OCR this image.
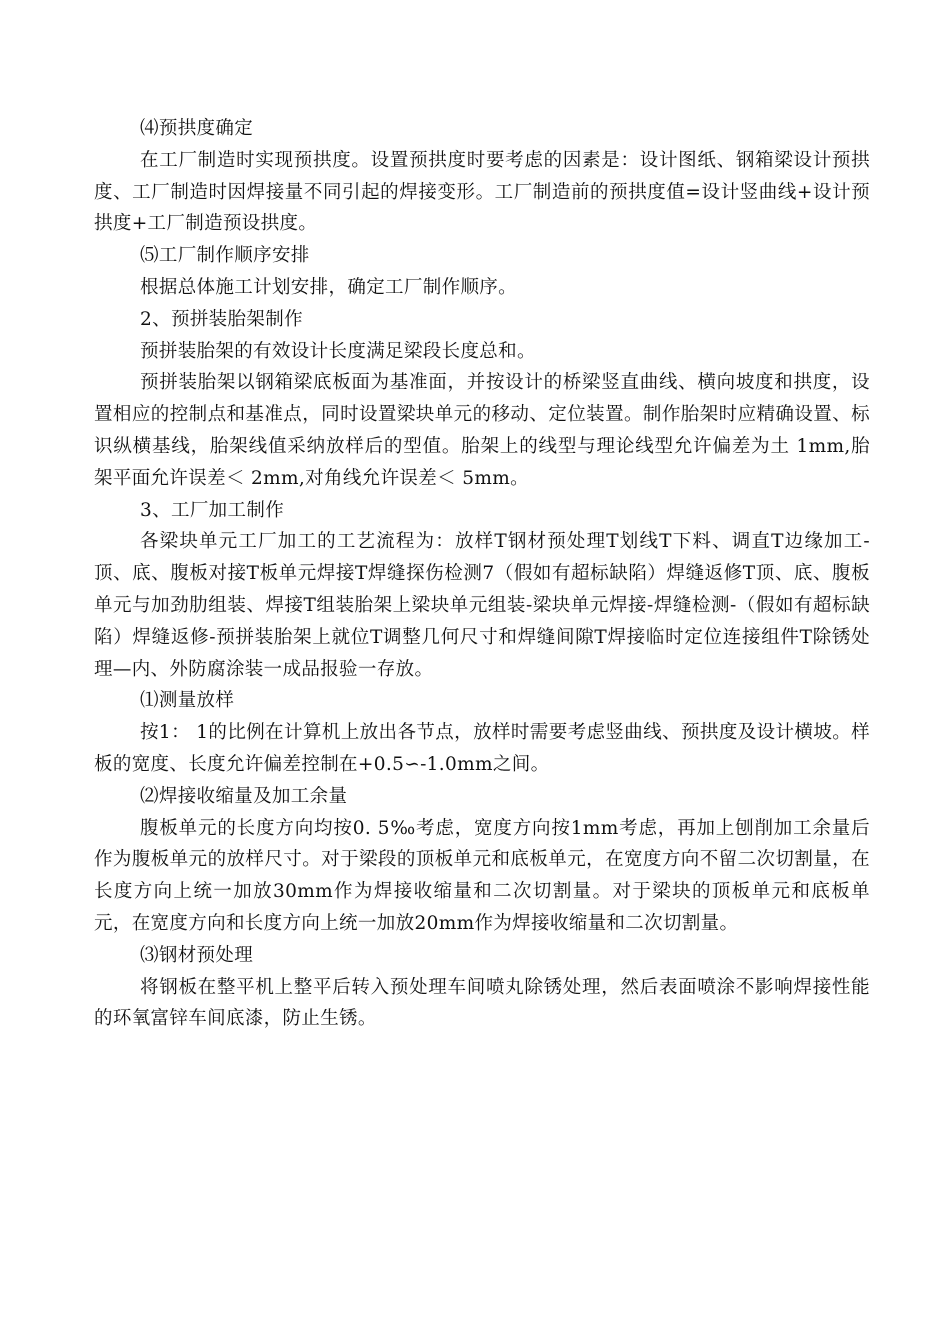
⑷预拱度确定

在工厂制造时实现预拱度。设置预拱度时要考虑的因素是：设计图纸、钢箱梁设计预拱度、工厂制造时因焊接量不同引起的焊接变形。工厂制造前的预拱度值=设计竖曲线+设计预拱度+工厂制造预设拱度。

⑸工厂制作顺序安排

根据总体施工计划安排，确定工厂制作顺序。

2、预拼装胎架制作

预拼装胎架的有效设计长度满足梁段长度总和。

预拼装胎架以钢箱梁底板面为基准面，并按设计的桥梁竖直曲线、横向坡度和拱度，设置相应的控制点和基准点，同时设置梁块单元的移动、定位装置。制作胎架时应精确设置、标识纵横基线，胎架线值采纳放样后的型值。胎架上的线型与理论线型允许偏差为土 1mm,胎架平面允许误差＜ 2mm,对角线允许误差＜ 5mm。

3、工厂加工制作

各梁块单元工厂加工的工艺流程为：放样T钢材预处理T划线T下料、调直T边缘加工-顶、底、腹板对接T板单元焊接T焊缝探伤检测7（假如有超标缺陷）焊缝返修T顶、底、腹板单元与加劲肋组装、焊接T组装胎架上梁块单元组装-梁块单元焊接-焊缝检测-（假如有超标缺陷）焊缝返修-预拼装胎架上就位T调整几何尺寸和焊缝间隙T焊接临时定位连接组件T除锈处理—内、外防腐涂装一成品报验一存放。

⑴测量放样

按1： 1的比例在计算机上放出各节点，放样时需要考虑竖曲线、预拱度及设计横坡。样板的宽度、长度允许偏差控制在+0.5∽-1.0mm之间。

⑵焊接收缩量及加工余量

腹板单元的长度方向均按0. 5‰考虑，宽度方向按1mm考虑，再加上刨削加工余量后作为腹板单元的放样尺寸。对于梁段的顶板单元和底板单元，在宽度方向不留二次切割量，在长度方向上统一加放30mm作为焊接收缩量和二次切割量。对于梁块的顶板单元和底板单元，在宽度方向和长度方向上统一加放20mm作为焊接收缩量和二次切割量。

⑶钢材预处理

将钢板在整平机上整平后转入预处理车间喷丸除锈处理，然后表面喷涂不影响焊接性能的环氧富锌车间底漆，防止生锈。
